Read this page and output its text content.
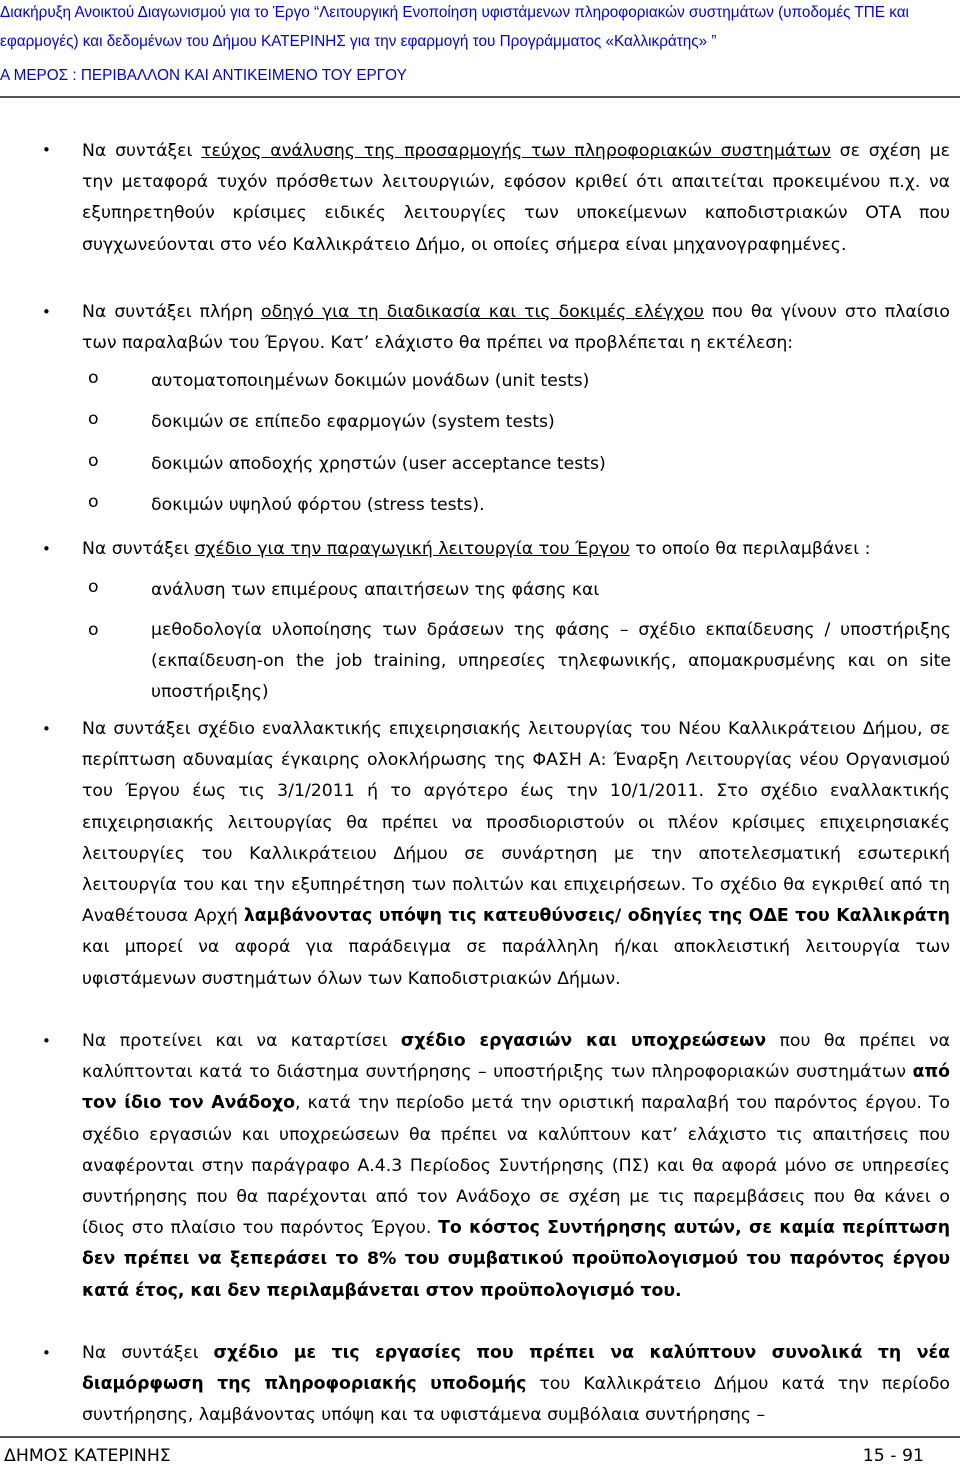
Διακήρυξη Ανοικτού Διαγωνισμού για το Έργο “Λειτουργική Ενοποίηση υφιστάμενων πληροφοριακών συστημάτων (υποδομές ΤΠΕ και
εφαρμογές) και δεδομένων του Δήμου ΚΑΤΕΡΙΝΗΣ για την εφαρμογή του Προγράμματος «Καλλικράτης» ”
Α ΜΕΡΟΣ : ΠΕΡΙΒΑΛΛΟΝ ΚΑΙ ΑΝΤΙΚΕΙΜΕΝΟ ΤΟΥ ΕΡΓΟΥ
• Να συντάξει τεύχος ανάλυσης της προσαρμογής των πληροφοριακών συστημάτων σε σχέση με την μεταφορά τυχόν πρόσθετων λειτουργιών, εφόσον κριθεί ότι απαιτείται προκειμένου π.χ. να εξυπηρετηθούν κρίσιμες ειδικές λειτουργίες των υποκείμενων καποδιστριακών ΟΤΑ που συγχωνεύονται στο νέο Καλλικράτειο Δήμο, οι οποίες σήμερα είναι μηχανογραφημένες.
• Να συντάξει πλήρη οδηγό για τη διαδικασία και τις δοκιμές ελέγχου που θα γίνουν στο πλαίσιο των παραλαβών του Έργου. Κατ’ ελάχιστο θα πρέπει να προβλέπεται η εκτέλεση:
o	αυτοματοποιημένων δοκιμών μονάδων (unit tests)
o	δοκιμών σε επίπεδο εφαρμογών (system tests)
o	δοκιμών αποδοχής χρηστών (user acceptance tests)
o	δοκιμών υψηλού φόρτου (stress tests).
• Να συντάξει σχέδιο για την παραγωγική λειτουργία του Έργου το οποίο θα περιλαμβάνει :
o	ανάλυση των επιμέρους απαιτήσεων της φάσης και
o	μεθοδολογία υλοποίησης των δράσεων της φάσης – σχέδιο εκπαίδευσης / υποστήριξης (εκπαίδευση-on the job training, υπηρεσίες τηλεφωνικής, απομακρυσμένης και on site υποστήριξης)
• Να συντάξει σχέδιο εναλλακτικής επιχειρησιακής λειτουργίας του Νέου Καλλικράτειου Δήμου, σε περίπτωση αδυναμίας έγκαιρης ολοκλήρωσης της ΦΑΣΗ Α: Έναρξη Λειτουργίας νέου Οργανισμού του Έργου έως τις 3/1/2011 ή το αργότερο έως την 10/1/2011. Στο σχέδιο εναλλακτικής επιχειρησιακής λειτουργίας θα πρέπει να προσδιοριστούν οι πλέον κρίσιμες επιχειρησιακές λειτουργίες του Καλλικράτειου Δήμου σε συνάρτηση με την αποτελεσματική εσωτερική λειτουργία του και την εξυπηρέτηση των πολιτών και επιχειρήσεων. Το σχέδιο θα εγκριθεί από τη Αναθέτουσα Αρχή λαμβάνοντας υπόψη τις κατευθύνσεις/ οδηγίες της ΟΔΕ του Καλλικράτη και μπορεί να αφορά για παράδειγμα σε παράλληλη ή/και αποκλειστική λειτουργία των υφιστάμενων συστημάτων όλων των Καποδιστριακών Δήμων.
• Να προτείνει και να καταρτίσει σχέδιο εργασιών και υποχρεώσεων που θα πρέπει να καλύπτονται κατά το διάστημα συντήρησης – υποστήριξης των πληροφοριακών συστημάτων από τον ίδιο τον Ανάδοχο, κατά την περίοδο μετά την οριστική παραλαβή του παρόντος έργου. Το σχέδιο εργασιών και υποχρεώσεων θα πρέπει να καλύπτουν κατ’ ελάχιστο τις απαιτήσεις που αναφέρονται στην παράγραφο Α.4.3 Περίοδος Συντήρησης (ΠΣ) και θα αφορά μόνο σε υπηρεσίες συντήρησης που θα παρέχονται από τον Ανάδοχο σε σχέση με τις παρεμβάσεις που θα κάνει ο ίδιος στο πλαίσιο του παρόντος Έργου. Το κόστος Συντήρησης αυτών, σε καμία περίπτωση δεν πρέπει να ξεπεράσει το 8% του συμβατικού προϋπολογισμού του παρόντος έργου κατά έτος, και δεν περιλαμβάνεται στον προϋπολογισμό του.
• Να συντάξει σχέδιο με τις εργασίες που πρέπει να καλύπτουν συνολικά τη νέα διαμόρφωση της πληροφοριακής υποδομής του Καλλικράτειο Δήμου κατά την περίοδο συντήρησης, λαμβάνοντας υπόψη και τα υφιστάμενα συμβόλαια συντήρησης –
ΔΗΜΟΣ ΚΑΤΕΡΙΝΗΣ	15 - 91
